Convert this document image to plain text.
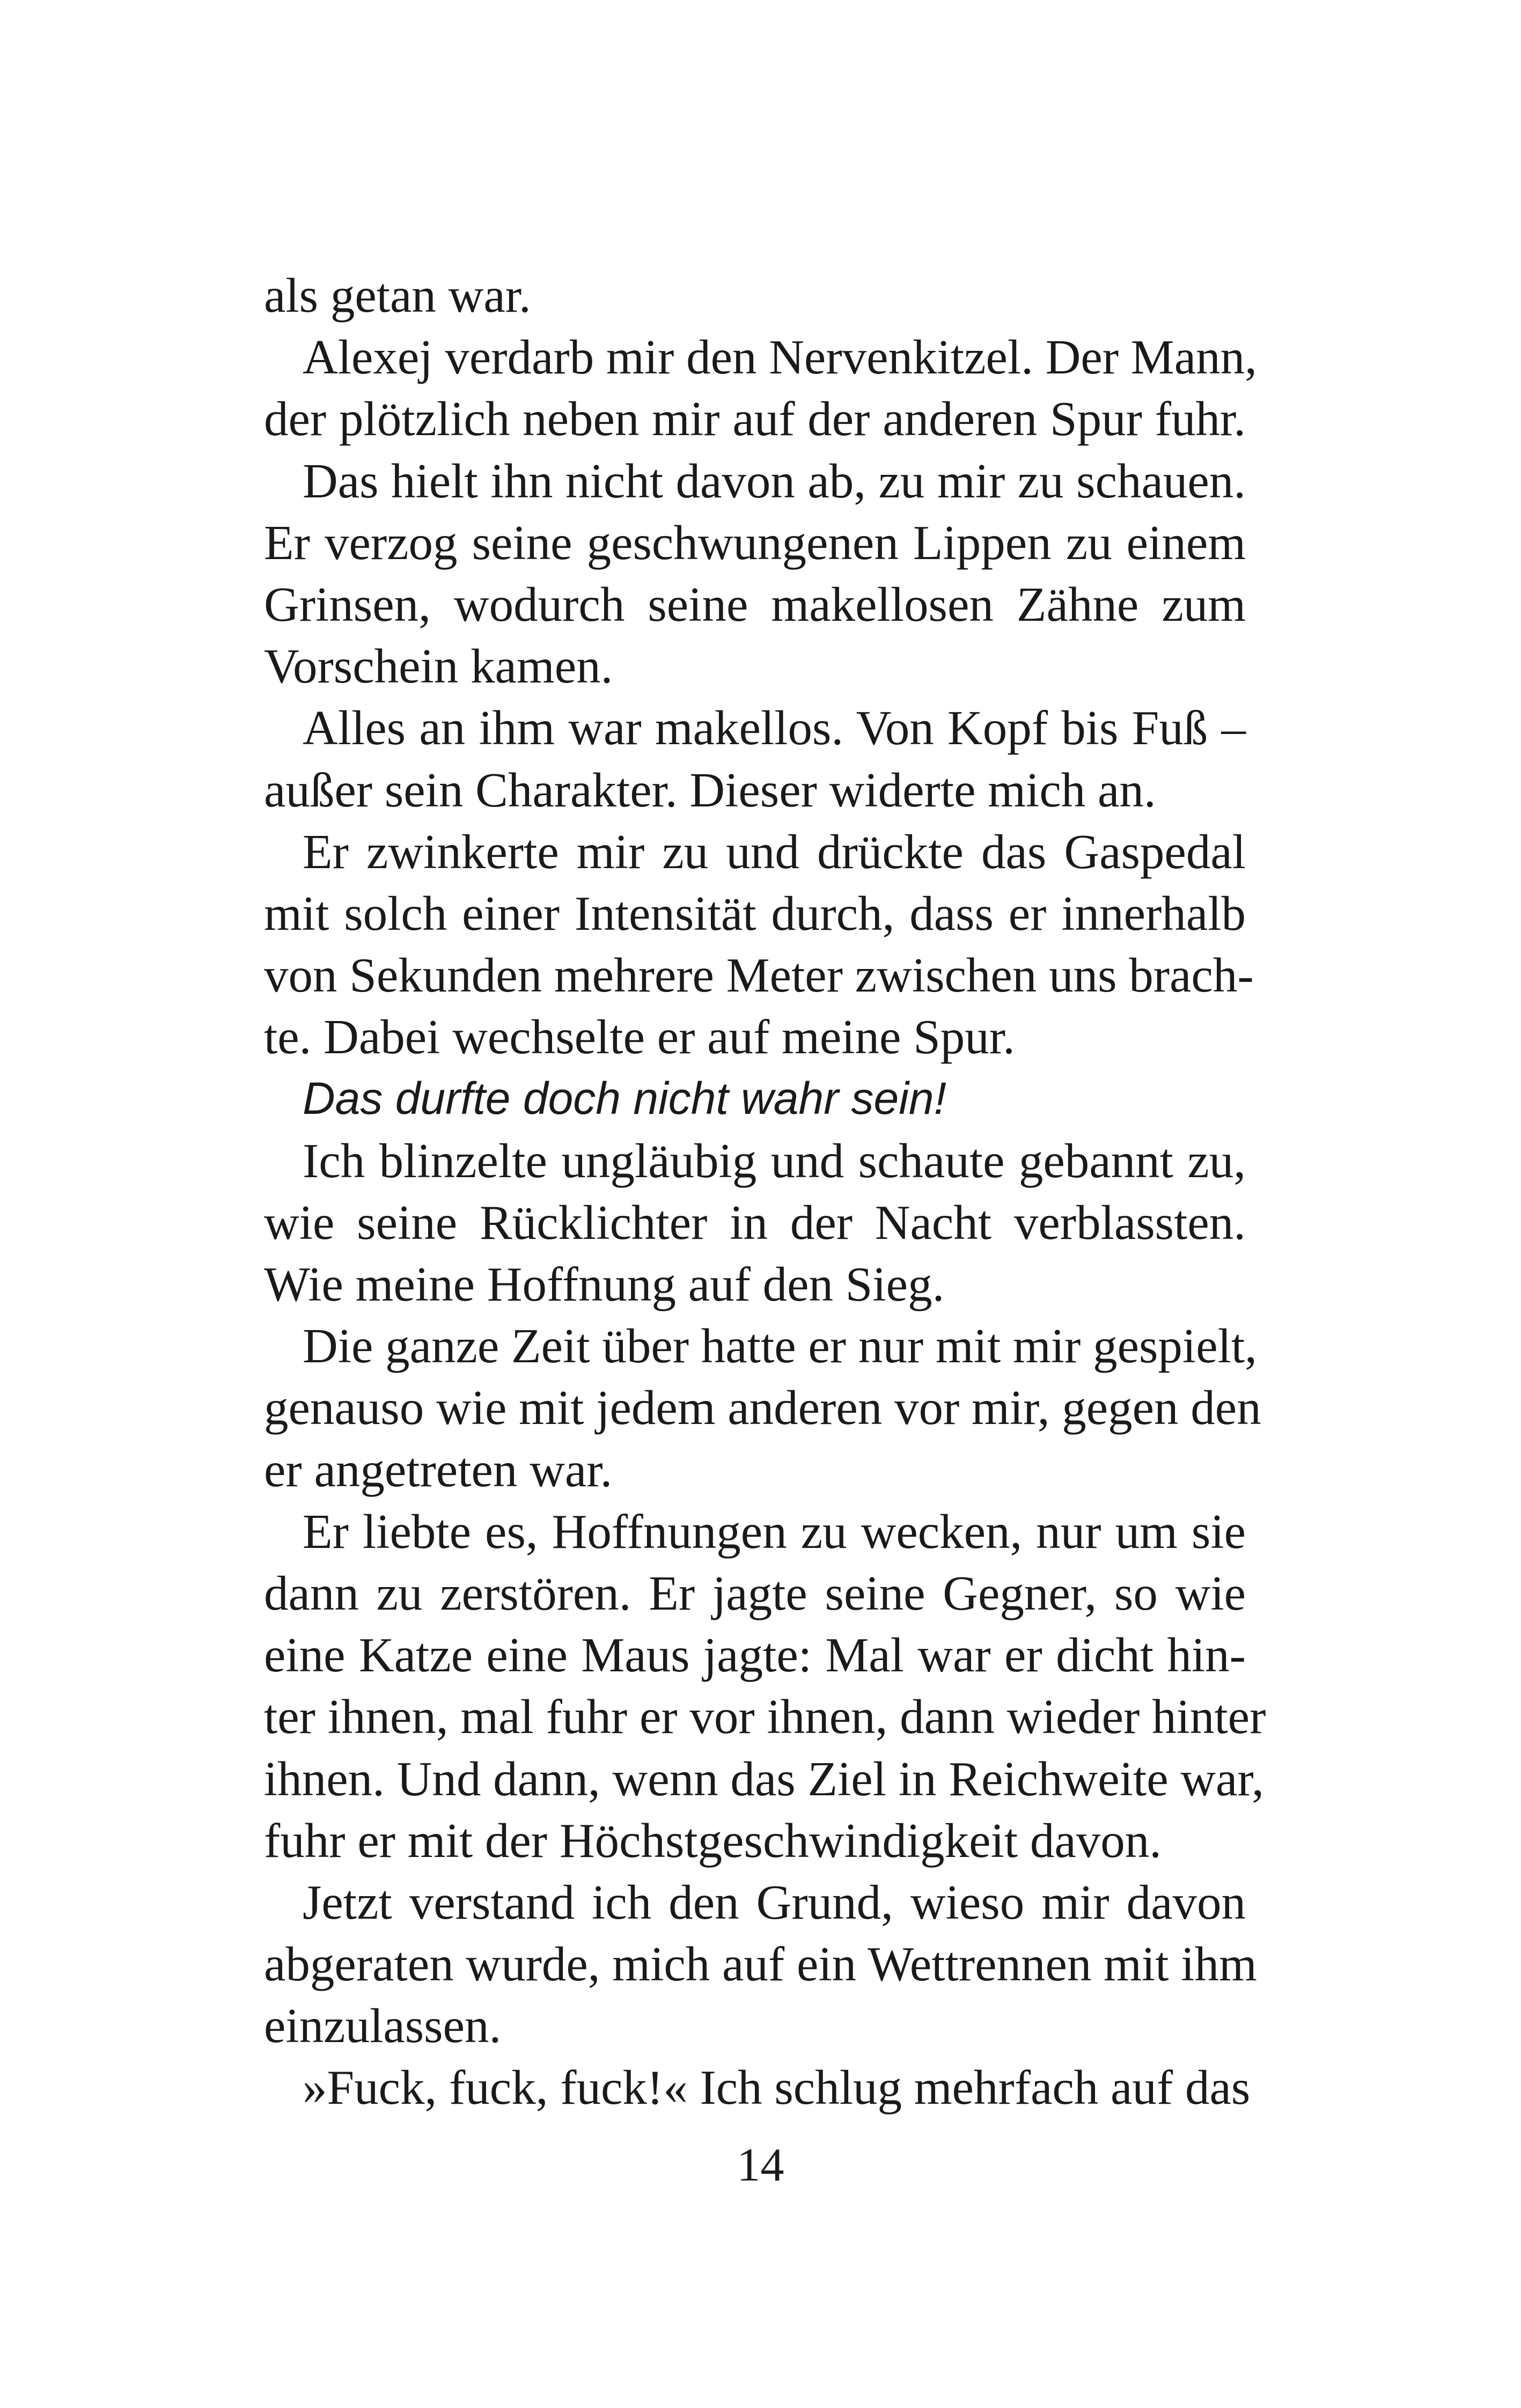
als getan war.
Alexej verdarb mir den Nervenkitzel. Der Mann,
der plötzlich neben mir auf der anderen Spur fuhr.
Das hielt ihn nicht davon ab, zu mir zu schauen.
Er verzog seine geschwungenen Lippen zu einem
Grinsen, wodurch seine makellosen Zähne zum
Vorschein kamen.
Alles an ihm war makellos. Von Kopf bis Fuß –
außer sein Charakter. Dieser widerte mich an.
Er zwinkerte mir zu und drückte das Gaspedal
mit solch einer Intensität durch, dass er innerhalb
von Sekunden mehrere Meter zwischen uns brach-
te. Dabei wechselte er auf meine Spur.
Das durfte doch nicht wahr sein!
Ich blinzelte ungläubig und schaute gebannt zu,
wie seine Rücklichter in der Nacht verblassten.
Wie meine Hoffnung auf den Sieg.
Die ganze Zeit über hatte er nur mit mir gespielt,
genauso wie mit jedem anderen vor mir, gegen den
er angetreten war.
Er liebte es, Hoffnungen zu wecken, nur um sie
dann zu zerstören. Er jagte seine Gegner, so wie
eine Katze eine Maus jagte: Mal war er dicht hin-
ter ihnen, mal fuhr er vor ihnen, dann wieder hinter
ihnen. Und dann, wenn das Ziel in Reichweite war,
fuhr er mit der Höchstgeschwindigkeit davon.
Jetzt verstand ich den Grund, wieso mir davon
abgeraten wurde, mich auf ein Wettrennen mit ihm
einzulassen.
»Fuck, fuck, fuck!« Ich schlug mehrfach auf das
14
